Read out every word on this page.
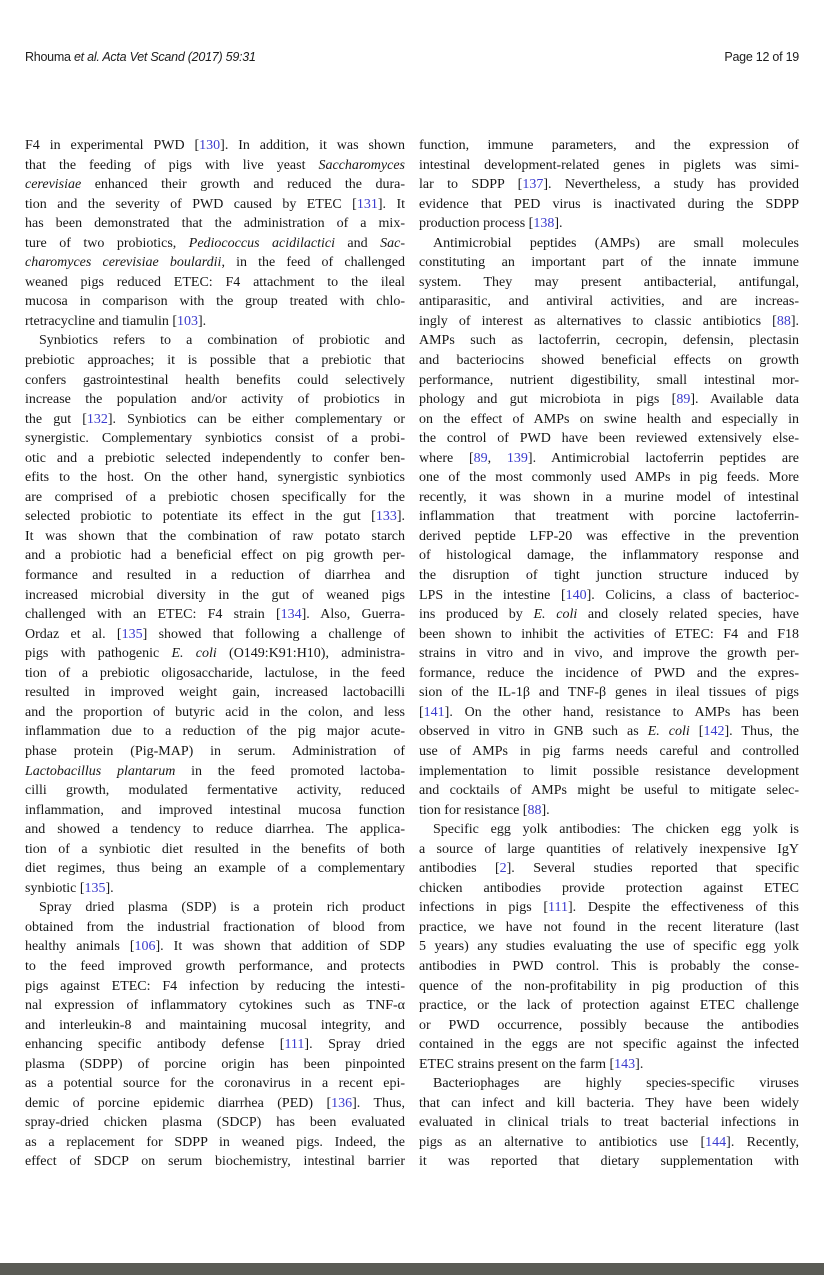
Rhouma et al. Acta Vet Scand (2017) 59:31	Page 12 of 19
F4 in experimental PWD [130]. In addition, it was shown
that the feeding of pigs with live yeast Saccharomyces
cerevisiae enhanced their growth and reduced the dura-
tion and the severity of PWD caused by ETEC [131]. It
has been demonstrated that the administration of a mix-
ture of two probiotics, Pediococcus acidilactici and Sac-
charomyces cerevisiae boulardii, in the feed of challenged
weaned pigs reduced ETEC: F4 attachment to the ileal
mucosa in comparison with the group treated with chlo-
rtetracycline and tiamulin [103].
Synbiotics refers to a combination of probiotic and
prebiotic approaches; it is possible that a prebiotic that
confers gastrointestinal health benefits could selectively
increase the population and/or activity of probiotics in
the gut [132]. Synbiotics can be either complementary or
synergistic. Complementary synbiotics consist of a probi-
otic and a prebiotic selected independently to confer ben-
efits to the host. On the other hand, synergistic synbiotics
are comprised of a prebiotic chosen specifically for the
selected probiotic to potentiate its effect in the gut [133].
It was shown that the combination of raw potato starch
and a probiotic had a beneficial effect on pig growth per-
formance and resulted in a reduction of diarrhea and
increased microbial diversity in the gut of weaned pigs
challenged with an ETEC: F4 strain [134]. Also, Guerra-
Ordaz et al. [135] showed that following a challenge of
pigs with pathogenic E. coli (O149:K91:H10), administra-
tion of a prebiotic oligosaccharide, lactulose, in the feed
resulted in improved weight gain, increased lactobacilli
and the proportion of butyric acid in the colon, and less
inflammation due to a reduction of the pig major acute-
phase protein (Pig-MAP) in serum. Administration of
Lactobacillus plantarum in the feed promoted lactoba-
cilli growth, modulated fermentative activity, reduced
inflammation, and improved intestinal mucosa function
and showed a tendency to reduce diarrhea. The applica-
tion of a synbiotic diet resulted in the benefits of both
diet regimes, thus being an example of a complementary
synbiotic [135].
Spray dried plasma (SDP) is a protein rich product
obtained from the industrial fractionation of blood from
healthy animals [106]. It was shown that addition of SDP
to the feed improved growth performance, and protects
pigs against ETEC: F4 infection by reducing the intesti-
nal expression of inflammatory cytokines such as TNF-α
and interleukin-8 and maintaining mucosal integrity, and
enhancing specific antibody defense [111]. Spray dried
plasma (SDPP) of porcine origin has been pinpointed
as a potential source for the coronavirus in a recent epi-
demic of porcine epidemic diarrhea (PED) [136]. Thus,
spray-dried chicken plasma (SDCP) has been evaluated
as a replacement for SDPP in weaned pigs. Indeed, the
effect of SDCP on serum biochemistry, intestinal barrier
function, immune parameters, and the expression of
intestinal development-related genes in piglets was simi-
lar to SDPP [137]. Nevertheless, a study has provided
evidence that PED virus is inactivated during the SDPP
production process [138].
Antimicrobial peptides (AMPs) are small molecules
constituting an important part of the innate immune
system. They may present antibacterial, antifungal,
antiparasitic, and antiviral activities, and are increas-
ingly of interest as alternatives to classic antibiotics [88].
AMPs such as lactoferrin, cecropin, defensin, plectasin
and bacteriocins showed beneficial effects on growth
performance, nutrient digestibility, small intestinal mor-
phology and gut microbiota in pigs [89]. Available data
on the effect of AMPs on swine health and especially in
the control of PWD have been reviewed extensively else-
where [89, 139]. Antimicrobial lactoferrin peptides are
one of the most commonly used AMPs in pig feeds. More
recently, it was shown in a murine model of intestinal
inflammation that treatment with porcine lactoferrin-
derived peptide LFP-20 was effective in the prevention
of histological damage, the inflammatory response and
the disruption of tight junction structure induced by
LPS in the intestine [140]. Colicins, a class of bacterioc-
ins produced by E. coli and closely related species, have
been shown to inhibit the activities of ETEC: F4 and F18
strains in vitro and in vivo, and improve the growth per-
formance, reduce the incidence of PWD and the expres-
sion of the IL-1β and TNF-β genes in ileal tissues of pigs
[141]. On the other hand, resistance to AMPs has been
observed in vitro in GNB such as E. coli [142]. Thus, the
use of AMPs in pig farms needs careful and controlled
implementation to limit possible resistance development
and cocktails of AMPs might be useful to mitigate selec-
tion for resistance [88].
Specific egg yolk antibodies: The chicken egg yolk is
a source of large quantities of relatively inexpensive IgY
antibodies [2]. Several studies reported that specific
chicken antibodies provide protection against ETEC
infections in pigs [111]. Despite the effectiveness of this
practice, we have not found in the recent literature (last
5 years) any studies evaluating the use of specific egg yolk
antibodies in PWD control. This is probably the conse-
quence of the non-profitability in pig production of this
practice, or the lack of protection against ETEC challenge
or PWD occurrence, possibly because the antibodies
contained in the eggs are not specific against the infected
ETEC strains present on the farm [143].
Bacteriophages are highly species-specific viruses
that can infect and kill bacteria. They have been widely
evaluated in clinical trials to treat bacterial infections in
pigs as an alternative to antibiotics use [144]. Recently,
it was reported that dietary supplementation with
